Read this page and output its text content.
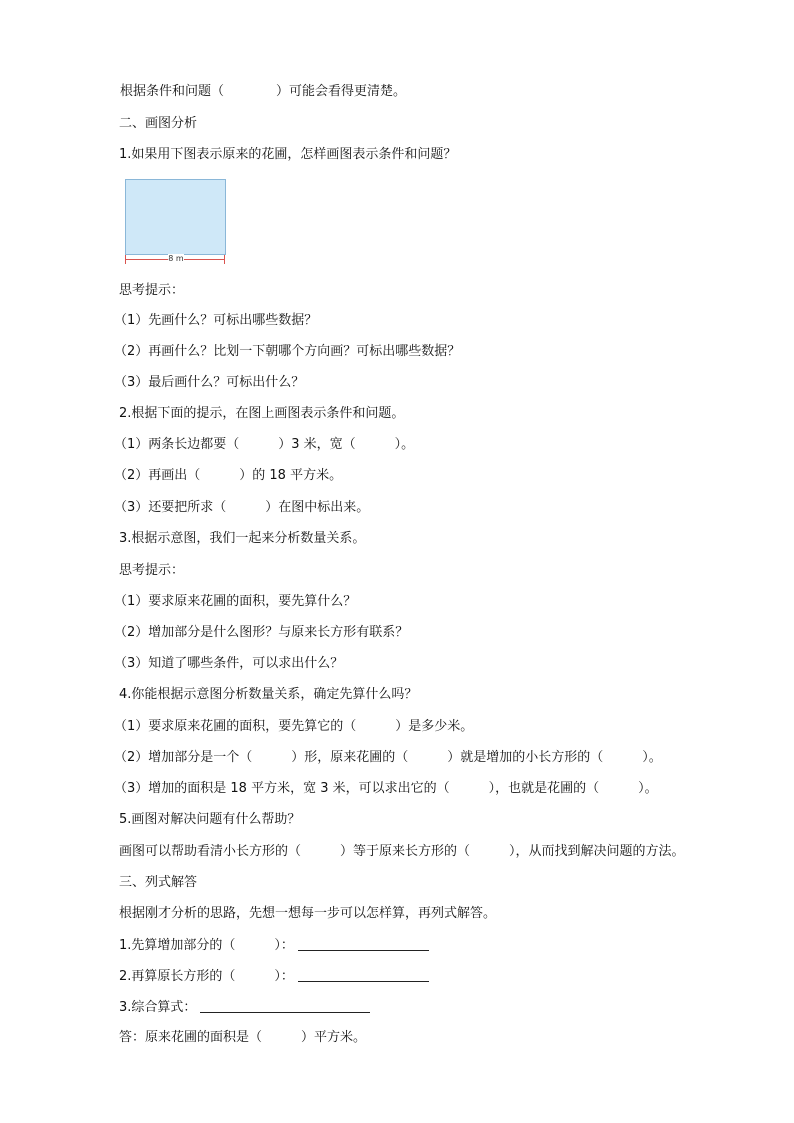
根据条件和问题（　　　　）可能会看得更清楚。
二、画图分析
1.如果用下图表示原来的花圃，怎样画图表示条件和问题？
8 m
思考提示：
（1）先画什么？可标出哪些数据？
（2）再画什么？比划一下朝哪个方向画？可标出哪些数据？
（3）最后画什么？可标出什么？
2.根据下面的提示，在图上画图表示条件和问题。
（1）两条长边都要（　　　）3 米，宽（　　　）。
（2）再画出（　　　）的 18 平方米。
（3）还要把所求（　　　）在图中标出来。
3.根据示意图，我们一起来分析数量关系。
思考提示：
（1）要求原来花圃的面积，要先算什么？
（2）增加部分是什么图形？与原来长方形有联系？
（3）知道了哪些条件，可以求出什么？
4.你能根据示意图分析数量关系，确定先算什么吗？
（1）要求原来花圃的面积，要先算它的（　　　）是多少米。
（2）增加部分是一个（　　　）形，原来花圃的（　　　）就是增加的小长方形的（　　　）。
（3）增加的面积是 18 平方米，宽 3 米，可以求出它的（　　　），也就是花圃的（　　　）。
5.画图对解决问题有什么帮助？
画图可以帮助看清小长方形的（　　　）等于原来长方形的（　　　），从而找到解决问题的方法。
三、列式解答
根据刚才分析的思路，先想一想每一步可以怎样算，再列式解答。
1.先算增加部分的（　　　）：
2.再算原长方形的（　　　）：
3.综合算式：
答：原来花圃的面积是（　　　）平方米。
